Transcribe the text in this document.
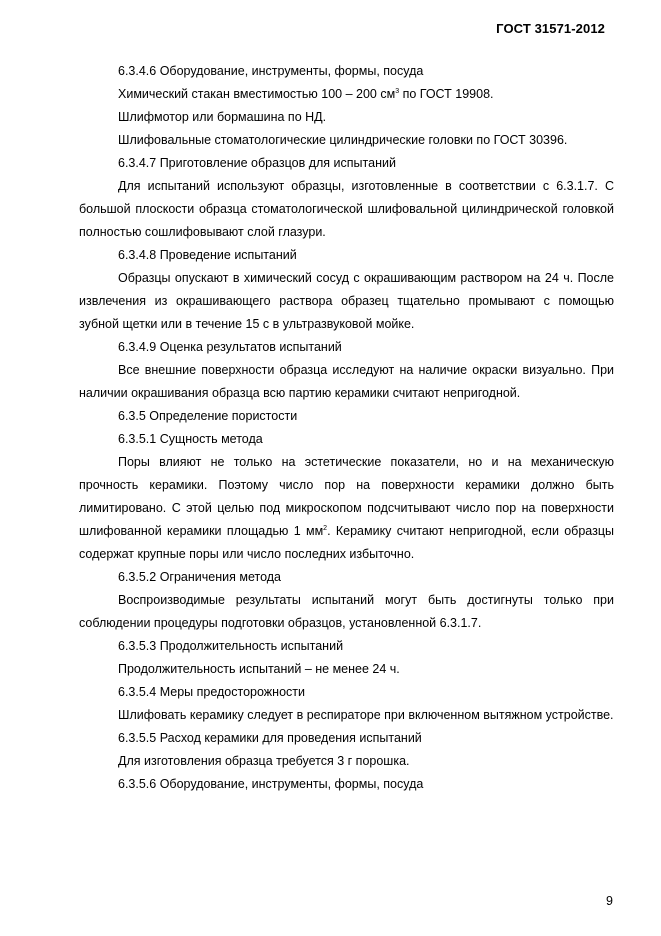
ГОСТ 31571-2012

6.3.4.6 Оборудование, инструменты, формы, посуда

Химический стакан вместимостью 100 – 200 $см^3$ по ГОСТ 19908.

Шлифмотор или бормашина по НД.

Шлифовальные стоматологические цилиндрические головки по ГОСТ 30396.

6.3.4.7 Приготовление образцов для испытаний

Для испытаний используют образцы, изготовленные в соответствии с 6.3.1.7. С большой плоскости образца стоматологической шлифовальной цилиндрической головкой полностью сошлифовывают слой глазури.

6.3.4.8 Проведение испытаний

Образцы опускают в химический сосуд с окрашивающим раствором на 24 ч. После извлечения из окрашивающего раствора образец тщательно промывают с помощью зубной щетки или в течение 15 с в ультразвуковой мойке.

6.3.4.9 Оценка результатов испытаний

Все внешние поверхности образца исследуют на наличие окраски визуально. При наличии окрашивания образца всю партию керамики считают непригодной.

6.3.5 Определение пористости

6.3.5.1 Сущность метода

Поры влияют не только на эстетические показатели, но и на механическую прочность керамики. Поэтому число пор на поверхности керамики должно быть лимитировано. С этой целью под микроскопом подсчитывают число пор на поверхности шлифованной керамики площадью 1 $мм^2$. Керамику считают непригодной, если образцы содержат крупные поры или число последних избыточно.

6.3.5.2 Ограничения метода

Воспроизводимые результаты испытаний могут быть достигнуты только при соблюдении процедуры подготовки образцов, установленной 6.3.1.7.

6.3.5.3 Продолжительность испытаний

Продолжительность испытаний – не менее 24 ч.

6.3.5.4 Меры предосторожности

Шлифовать керамику следует в респираторе при включенном вытяжном устройстве.

6.3.5.5 Расход керамики для проведения испытаний

Для изготовления образца требуется 3 г порошка.

6.3.5.6 Оборудование, инструменты, формы, посуда

9
